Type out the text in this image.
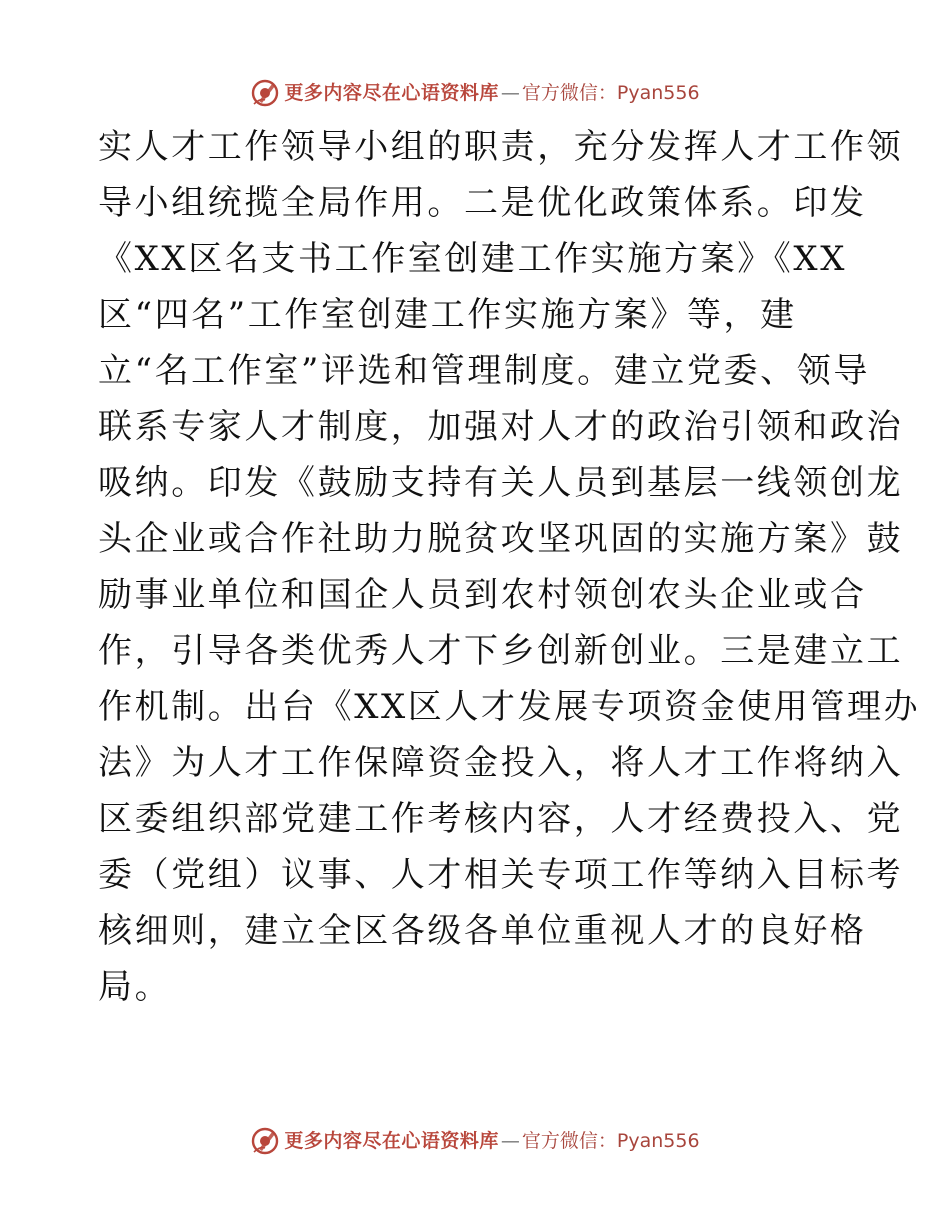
更多内容尽在心语资料库 — 官方微信：Pyan556
实人才工作领导小组的职责，充分发挥人才工作领
导小组统揽全局作用。二是优化政策体系。印发
《XX区名支书工作室创建工作实施方案》《XX
区“四名”工作室创建工作实施方案》等，建
立“名工作室”评选和管理制度。建立党委、领导
联系专家人才制度，加强对人才的政治引领和政治
吸纳。印发《鼓励支持有关人员到基层一线领创龙
头企业或合作社助力脱贫攻坚巩固的实施方案》鼓
励事业单位和国企人员到农村领创农头企业或合
作，引导各类优秀人才下乡创新创业。三是建立工
作机制。出台《XX区人才发展专项资金使用管理办
法》为人才工作保障资金投入，将人才工作将纳入
区委组织部党建工作考核内容，人才经费投入、党
委（党组）议事、人才相关专项工作等纳入目标考
核细则，建立全区各级各单位重视人才的良好格
局。
更多内容尽在心语资料库 — 官方微信：Pyan556
